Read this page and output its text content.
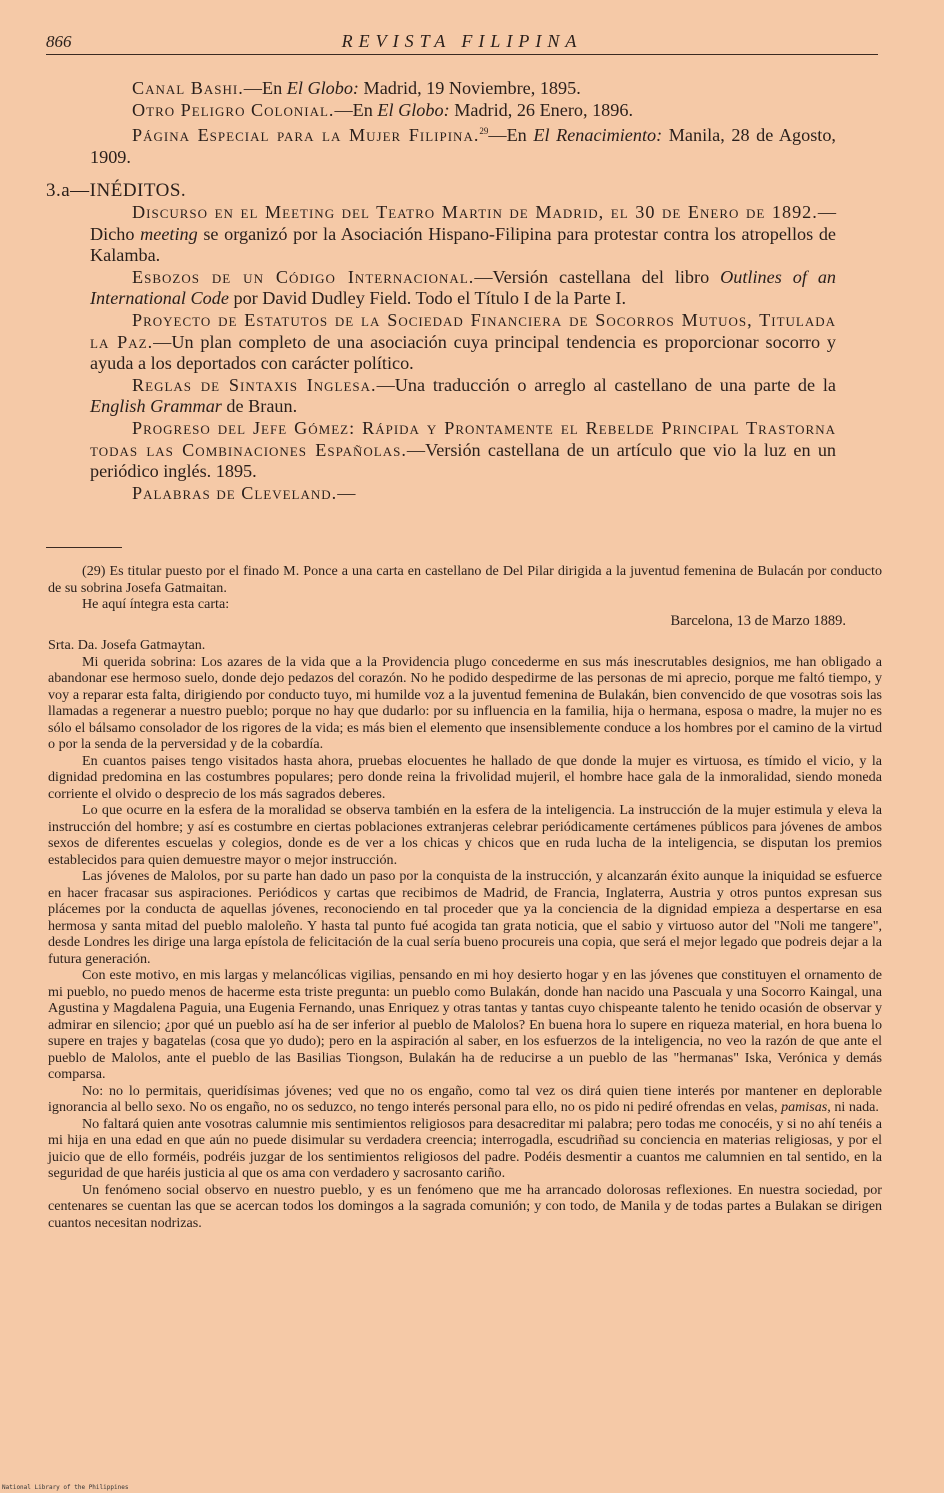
866	REVISTA FILIPINA

Canal Bashi.—En El Globo: Madrid, 19 Noviembre, 1895.

Otro Peligro Colonial.—En El Globo: Madrid, 26 Enero, 1896.

Página Especial para la Mujer Filipina.$^{29}$—En El Renacimiento: Manila, 28 de Agosto, 1909.

3.a—INÉDITOS.

Discurso en el Meeting del Teatro Martin de Madrid, el 30 de Enero de 1892.—Dicho meeting se organizó por la Asociación Hispano-Filipina para protestar contra los atropellos de Kalamba.

Esbozos de un Código Internacional.—Versión castellana del libro Outlines of an International Code por David Dudley Field. Todo el Título I de la Parte I.

Proyecto de Estatutos de la Sociedad Financiera de Socorros Mutuos, Titulada la Paz.—Un plan completo de una asociación cuya principal tendencia es proporcionar socorro y ayuda a los deportados con carácter político.

Reglas de Sintaxis Inglesa.—Una traducción o arreglo al castellano de una parte de la English Grammar de Braun.

Progreso del Jefe Gómez: Rápida y Prontamente el Rebelde Principal Trastorna todas las Combinaciones Españolas.—Versión castellana de un artículo que vio la luz en un periódico inglés. 1895.

Palabras de Cleveland.—

(29) Es titular puesto por el finado M. Ponce a una carta en castellano de Del Pilar dirigida a la juventud femenina de Bulacán por conducto de su sobrina Josefa Gatmaitan.

He aquí íntegra esta carta:

Barcelona, 13 de Marzo 1889.

Srta. Da. Josefa Gatmaytan.

Mi querida sobrina: Los azares de la vida que a la Providencia plugo concederme en sus más inescrutables designios, me han obligado a abandonar ese hermoso suelo, donde dejo pedazos del corazón. No he podido despedirme de las personas de mi aprecio, porque me faltó tiempo, y voy a reparar esta falta, dirigiendo por conducto tuyo, mi humilde voz a la juventud femenina de Bulakán, bien convencido de que vosotras sois las llamadas a regenerar a nuestro pueblo; porque no hay que dudarlo: por su influencia en la familia, hija o hermana, esposa o madre, la mujer no es sólo el bálsamo consolador de los rigores de la vida; es más bien el elemento que insensiblemente conduce a los hombres por el camino de la virtud o por la senda de la perversidad y de la cobardía.

En cuantos paises tengo visitados hasta ahora, pruebas elocuentes he hallado de que donde la mujer es virtuosa, es tímido el vicio, y la dignidad predomina en las costumbres populares; pero donde reina la frivolidad mujeril, el hombre hace gala de la inmoralidad, siendo moneda corriente el olvido o desprecio de los más sagrados deberes.

Lo que ocurre en la esfera de la moralidad se observa también en la esfera de la inteligencia. La instrucción de la mujer estimula y eleva la instrucción del hombre; y así es costumbre en ciertas poblaciones extranjeras celebrar periódicamente certámenes públicos para jóvenes de ambos sexos de diferentes escuelas y colegios, donde es de ver a los chicas y chicos que en ruda lucha de la inteligencia, se disputan los premios establecidos para quien demuestre mayor o mejor instrucción.

Las jóvenes de Malolos, por su parte han dado un paso por la conquista de la instrucción, y alcanzarán éxito aunque la iniquidad se esfuerce en hacer fracasar sus aspiraciones. Periódicos y cartas que recibimos de Madrid, de Francia, Inglaterra, Austria y otros puntos expresan sus plácemes por la conducta de aquellas jóvenes, reconociendo en tal proceder que ya la conciencia de la dignidad empieza a despertarse en esa hermosa y santa mitad del pueblo maloleño. Y hasta tal punto fué acogida tan grata noticia, que el sabio y virtuoso autor del "Noli me tangere", desde Londres les dirige una larga epístola de felicitación de la cual sería bueno procureis una copia, que será el mejor legado que podreis dejar a la futura generación.

Con este motivo, en mis largas y melancólicas vigilias, pensando en mi hoy desierto hogar y en las jóvenes que constituyen el ornamento de mi pueblo, no puedo menos de hacerme esta triste pregunta: un pueblo como Bulakán, donde han nacido una Pascuala y una Socorro Kaingal, una Agustina y Magdalena Paguia, una Eugenia Fernando, unas Enriquez y otras tantas y tantas cuyo chispeante talento he tenido ocasión de observar y admirar en silencio; ¿por qué un pueblo así ha de ser inferior al pueblo de Malolos? En buena hora lo supere en riqueza material, en hora buena lo supere en trajes y bagatelas (cosa que yo dudo); pero en la aspiración al saber, en los esfuerzos de la inteligencia, no veo la razón de que ante el pueblo de Malolos, ante el pueblo de las Basilias Tiongson, Bulakán ha de reducirse a un pueblo de las "hermanas" Iska, Verónica y demás comparsa.

No: no lo permitais, queridísimas jóvenes; ved que no os engaño, como tal vez os dirá quien tiene interés por mantener en deplorable ignorancia al bello sexo. No os engaño, no os seduzco, no tengo interés personal para ello, no os pido ni pediré ofrendas en velas, pamisas, ni nada.

No faltará quien ante vosotras calumnie mis sentimientos religiosos para desacreditar mi palabra; pero todas me conocéis, y si no ahí tenéis a mi hija en una edad en que aún no puede disimular su verdadera creencia; interrogadla, escudriñad su conciencia en materias religiosas, y por el juicio que de ello forméis, podréis juzgar de los sentimientos religiosos del padre. Podéis desmentir a cuantos me calumnien en tal sentido, en la seguridad de que haréis justicia al que os ama con verdadero y sacrosanto cariño.

Un fenómeno social observo en nuestro pueblo, y es un fenómeno que me ha arrancado dolorosas reflexiones. En nuestra sociedad, por centenares se cuentan las que se acercan todos los domingos a la sagrada comunión; y con todo, de Manila y de todas partes a Bulakan se dirigen cuantos necesitan nodrizas.

National Library of the Philippines
